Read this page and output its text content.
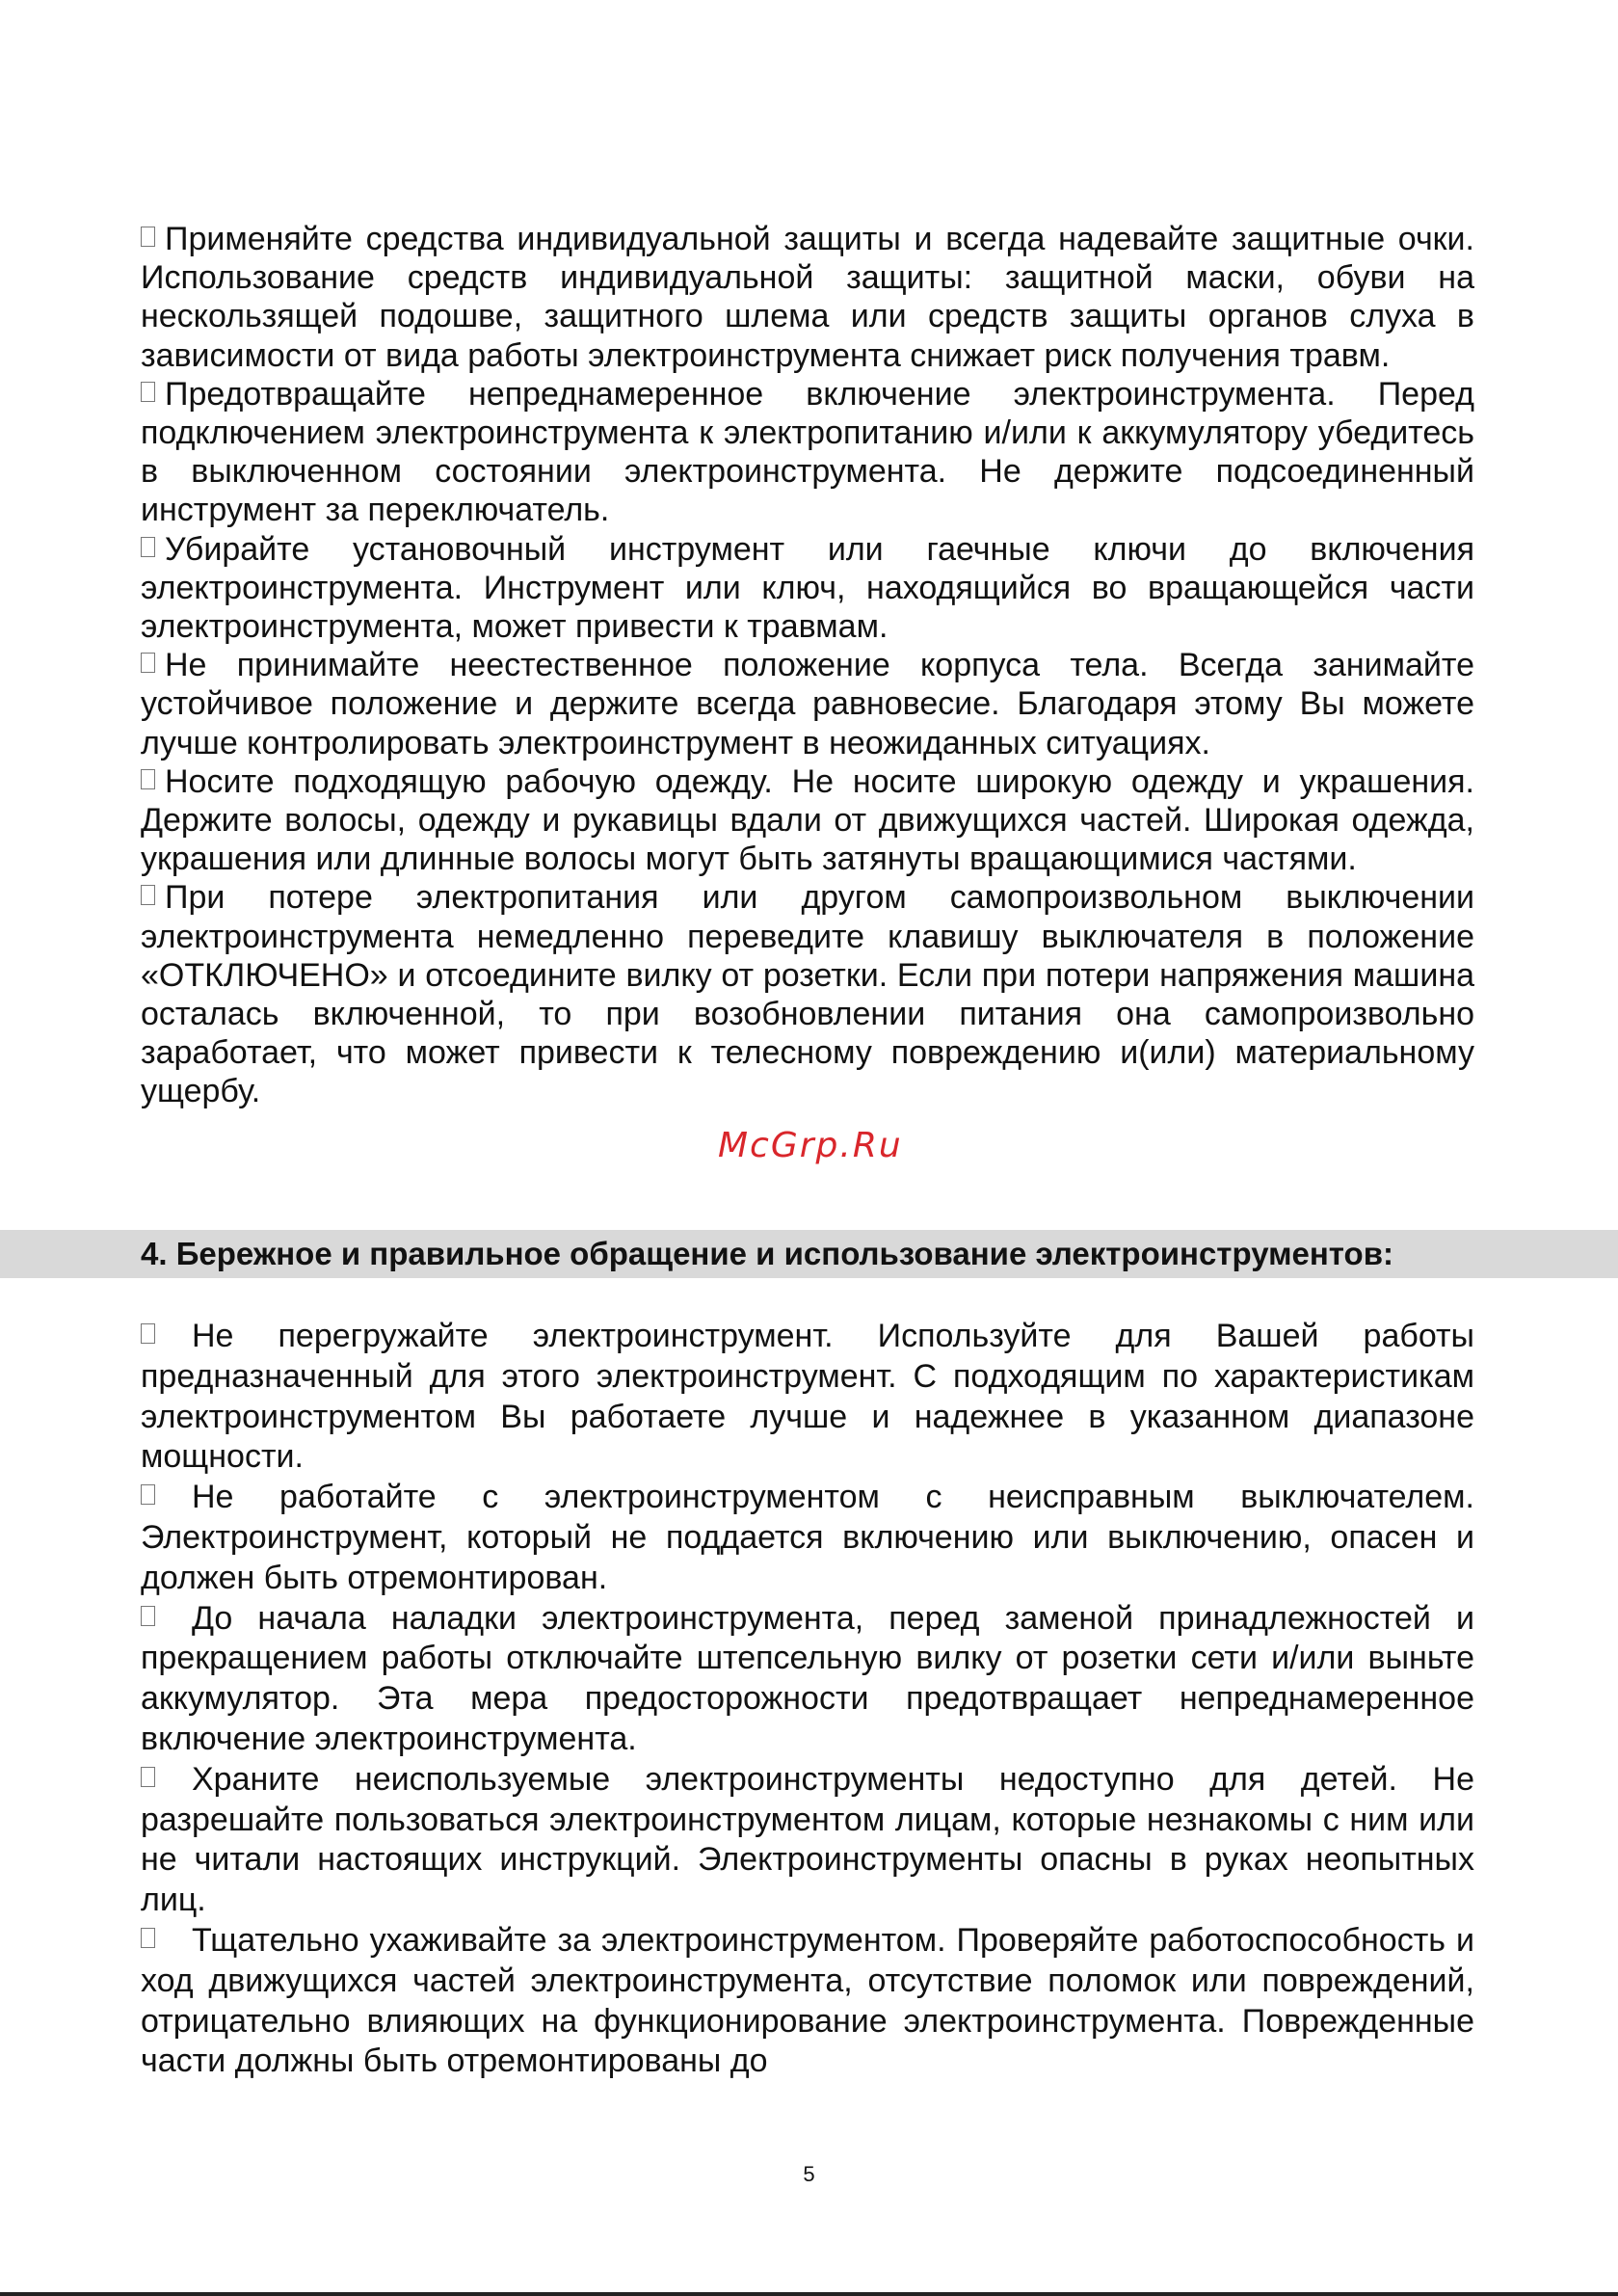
Применяйте средства индивидуальной защиты и всегда надевайте защитные очки. Использование средств индивидуальной защиты: защитной маски, обуви на нескользящей подошве, защитного шлема или средств защиты органов слуха в зависимости от вида работы электроинструмента снижает риск получения травм.

Предотвращайте непреднамеренное включение электроинструмента. Перед подключением электроинструмента к электропитанию и/или к аккумулятору убедитесь в выключенном состоянии электроинструмента. Не держите подсоединенный инструмент за переключатель.

Убирайте установочный инструмент или гаечные ключи до включения электроинструмента. Инструмент или ключ, находящийся во вращающейся части электроинструмента, может привести к травмам.

Не принимайте неестественное положение корпуса тела. Всегда занимайте устойчивое положение и держите всегда равновесие. Благодаря этому Вы можете лучше контролировать электроинструмент в неожиданных ситуациях.

Носите подходящую рабочую одежду. Не носите широкую одежду и украшения. Держите волосы, одежду и рукавицы вдали от движущихся частей. Широкая одежда, украшения или длинные волосы могут быть затянуты вращающимися частями.

При потере электропитания или другом самопроизвольном выключении электроинструмента немедленно переведите клавишу выключателя в положение «ОТКЛЮЧЕНО» и отсоедините вилку от розетки. Если при потери напряжения машина осталась включенной, то при возобновлении питания она самопроизвольно заработает, что может привести к телесному повреждению и(или) материальному ущербу.

McGrp.Ru
4. Бережное и правильное обращение и использование электроинструментов:

Не перегружайте электроинструмент. Используйте для Вашей работы предназначенный для этого электроинструмент. С подходящим по характеристикам электроинструментом Вы работаете лучше и надежнее в указанном диапазоне мощности.

Не работайте с электроинструментом с неисправным выключателем. Электроинструмент, который не поддается включению или выключению, опасен и должен быть отремонтирован.

До начала наладки электроинструмента, перед заменой принадлежностей и прекращением работы отключайте штепсельную вилку от розетки сети и/или выньте аккумулятор. Эта мера предосторожности предотвращает непреднамеренное включение электроинструмента.

Храните неиспользуемые электроинструменты недоступно для детей. Не разрешайте пользоваться электроинструментом лицам, которые незнакомы с ним или не читали настоящих инструкций. Электроинструменты опасны в руках неопытных лиц.

Тщательно ухаживайте за электроинструментом. Проверяйте работоспособность и ход движущихся частей электроинструмента, отсутствие поломок или повреждений, отрицательно влияющих на функционирование электроинструмента. Поврежденные части должны быть отремонтированы до

5
